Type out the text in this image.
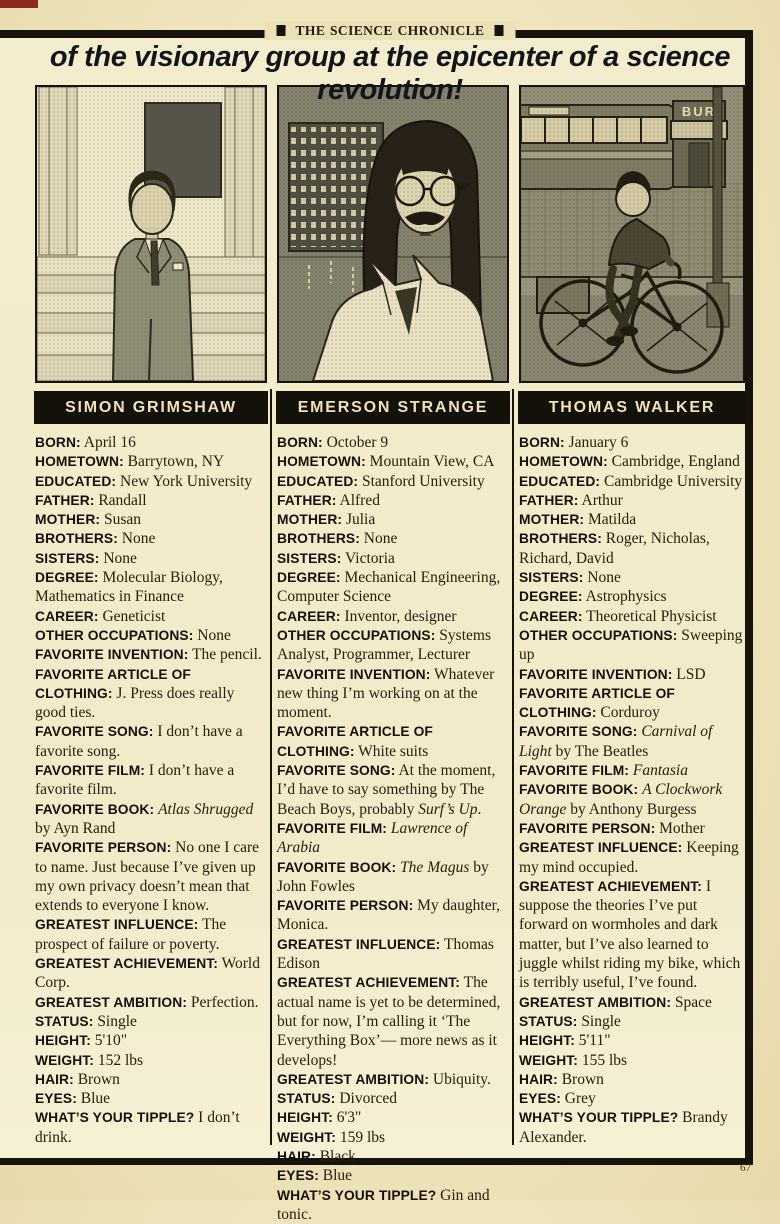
THE SCIENCE CHRONICLE
of the visionary group at the epicenter of a science revolution!
SIMON GRIMSHAW
BORN: April 16
HOMETOWN: Barrytown, NY
EDUCATED: New York University
FATHER: Randall
MOTHER: Susan
BROTHERS: None
SISTERS: None
DEGREE: Molecular Biology, Mathematics in Finance
CAREER: Geneticist
OTHER OCCUPATIONS: None
FAVORITE INVENTION: The pencil.
FAVORITE ARTICLE OF CLOTHING: J. Press does really good ties.
FAVORITE SONG: I don’t have a favorite song.
FAVORITE FILM: I don’t have a favorite film.
FAVORITE BOOK: Atlas Shrugged by Ayn Rand
FAVORITE PERSON: No one I care to name. Just because I’ve given up my own privacy doesn’t mean that extends to everyone I know.
GREATEST INFLUENCE: The prospect of failure or poverty.
GREATEST ACHIEVEMENT: World Corp.
GREATEST AMBITION: Perfection.
STATUS: Single
HEIGHT: 5'10"
WEIGHT: 152 lbs
HAIR: Brown
EYES: Blue
WHAT’S YOUR TIPPLE? I don’t drink.
EMERSON STRANGE
BORN: October 9
HOMETOWN: Mountain View, CA
EDUCATED: Stanford University
FATHER: Alfred
MOTHER: Julia
BROTHERS: None
SISTERS: Victoria
DEGREE: Mechanical Engineering, Computer Science
CAREER: Inventor, designer
OTHER OCCUPATIONS: Systems Analyst, Programmer, Lecturer
FAVORITE INVENTION: Whatever new thing I’m working on at the moment.
FAVORITE ARTICLE OF CLOTHING: White suits
FAVORITE SONG: At the moment, I’d have to say something by The Beach Boys, probably Surf’s Up.
FAVORITE FILM: Lawrence of Arabia
FAVORITE BOOK: The Magus by John Fowles
FAVORITE PERSON: My daughter, Monica.
GREATEST INFLUENCE: Thomas Edison
GREATEST ACHIEVEMENT: The actual name is yet to be determined, but for now, I’m calling it ‘The Everything Box’— more news as it develops!
GREATEST AMBITION: Ubiquity.
STATUS: Divorced
HEIGHT: 6'3"
WEIGHT: 159 lbs
HAIR: Black
EYES: Blue
WHAT’S YOUR TIPPLE? Gin and tonic.
THOMAS WALKER
BORN: January 6
HOMETOWN: Cambridge, England
EDUCATED: Cambridge University
FATHER: Arthur
MOTHER: Matilda
BROTHERS: Roger, Nicholas, Richard, David
SISTERS: None
DEGREE: Astrophysics
CAREER: Theoretical Physicist
OTHER OCCUPATIONS: Sweeping up
FAVORITE INVENTION: LSD
FAVORITE ARTICLE OF CLOTHING: Corduroy
FAVORITE SONG: Carnival of Light by The Beatles
FAVORITE FILM: Fantasia
FAVORITE BOOK: A Clockwork Orange by Anthony Burgess
FAVORITE PERSON: Mother
GREATEST INFLUENCE: Keeping my mind occupied.
GREATEST ACHIEVEMENT: I suppose the theories I’ve put forward on wormholes and dark matter, but I’ve also learned to juggle whilst riding my bike, which is terribly useful, I’ve found.
GREATEST AMBITION: Space
STATUS: Single
HEIGHT: 5'11"
WEIGHT: 155 lbs
HAIR: Brown
EYES: Grey
WHAT’S YOUR TIPPLE? Brandy Alexander.
67
